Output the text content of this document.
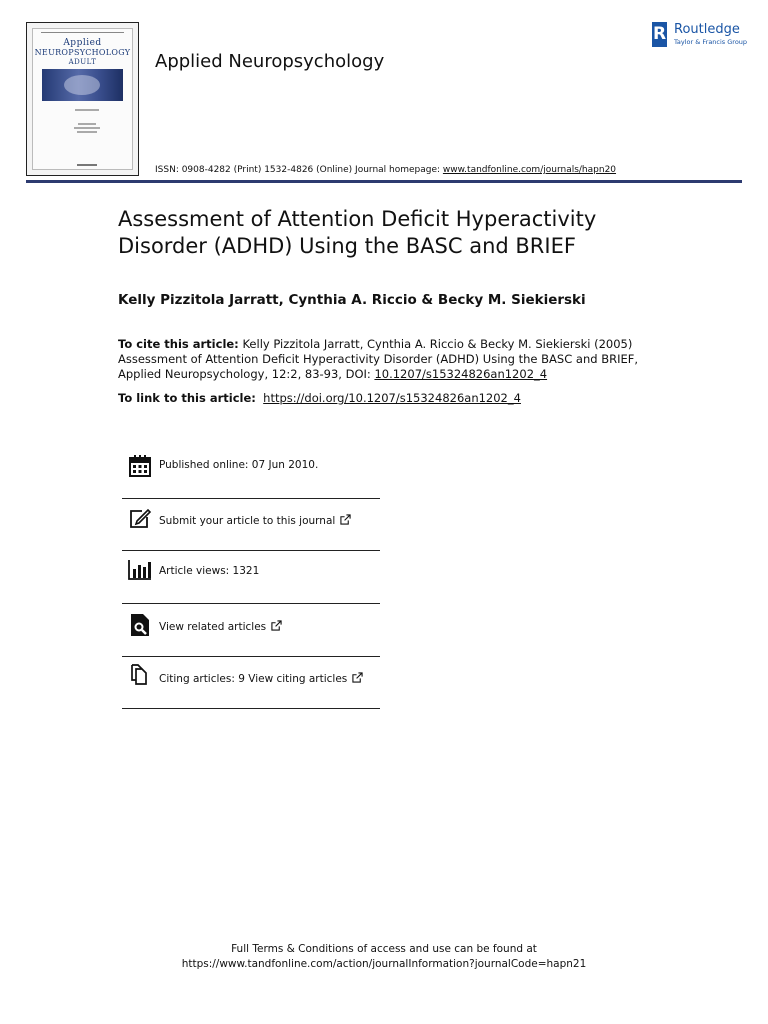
Applied
NEUROPSYCHOLOGY
ADULT	Applied Neuropsychology
R Routledge
Taylor & Francis Group
ISSN: 0908-4282 (Print) 1532-4826 (Online) Journal homepage: www.tandfonline.com/journals/hapn20
Assessment of Attention Deficit Hyperactivity Disorder (ADHD) Using the BASC and BRIEF
Kelly Pizzitola Jarratt, Cynthia A. Riccio & Becky M. Siekierski
To cite this article: Kelly Pizzitola Jarratt, Cynthia A. Riccio & Becky M. Siekierski (2005) Assessment of Attention Deficit Hyperactivity Disorder (ADHD) Using the BASC and BRIEF, Applied Neuropsychology, 12:2, 83-93, DOI: 10.1207/s15324826an1202_4
To link to this article: https://doi.org/10.1207/s15324826an1202_4
Published online: 07 Jun 2010.
Submit your article to this journal
Article views: 1321
View related articles
Citing articles: 9 View citing articles
Full Terms & Conditions of access and use can be found at
https://www.tandfonline.com/action/journalInformation?journalCode=hapn21
